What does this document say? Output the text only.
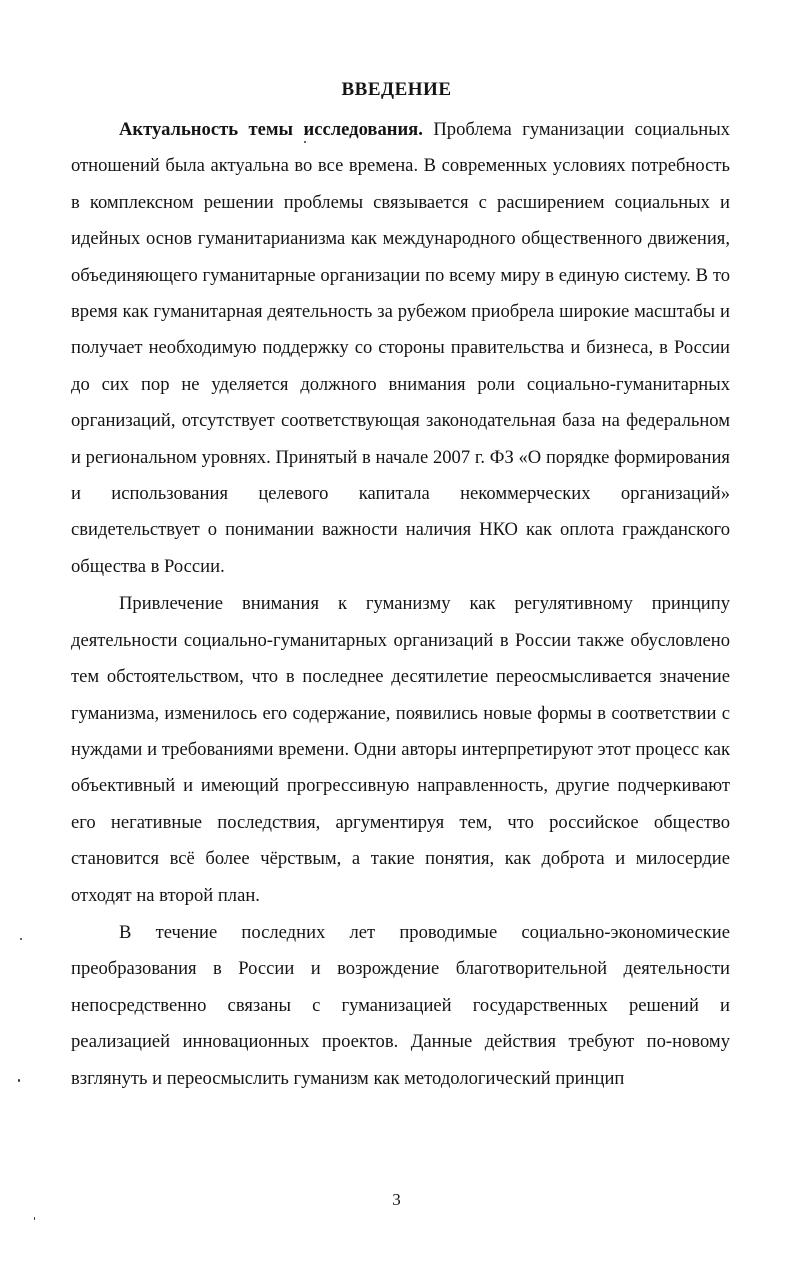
ВВЕДЕНИЕ

Актуальность темы исследования. Проблема гуманизации социальных отношений была актуальна во все времена. В современных условиях потребность в комплексном решении проблемы связывается с расширением социальных и идейных основ гуманитарианизма как международного общественного движения, объединяющего гуманитарные организации по всему миру в единую систему. В то время как гуманитарная деятельность за рубежом приобрела широкие масштабы и получает необходимую поддержку со стороны правительства и бизнеса, в России до сих пор не уделяется должного внимания роли социально-гуманитарных организаций, отсутствует соответствующая законодательная база на федеральном и региональном уровнях. Принятый в начале 2007 г. ФЗ «О порядке формирования и использования целевого капитала некоммерческих организаций» свидетельствует о понимании важности наличия НКО как оплота гражданского общества в России.

Привлечение внимания к гуманизму как регулятивному принципу деятельности социально-гуманитарных организаций в России также обусловлено тем обстоятельством, что в последнее десятилетие переосмысливается значение гуманизма, изменилось его содержание, появились новые формы в соответствии с нуждами и требованиями времени. Одни авторы интерпретируют этот процесс как объективный и имеющий прогрессивную направленность, другие подчеркивают его негативные последствия, аргументируя тем, что российское общество становится всё более чёрствым, а такие понятия, как доброта и милосердие отходят на второй план.

В течение последних лет проводимые социально-экономические преобразования в России и возрождение благотворительной деятельности непосредственно связаны с гуманизацией государственных решений и реализацией инновационных проектов. Данные действия требуют по-новому взглянуть и переосмыслить гуманизм как методологический принцип

3
